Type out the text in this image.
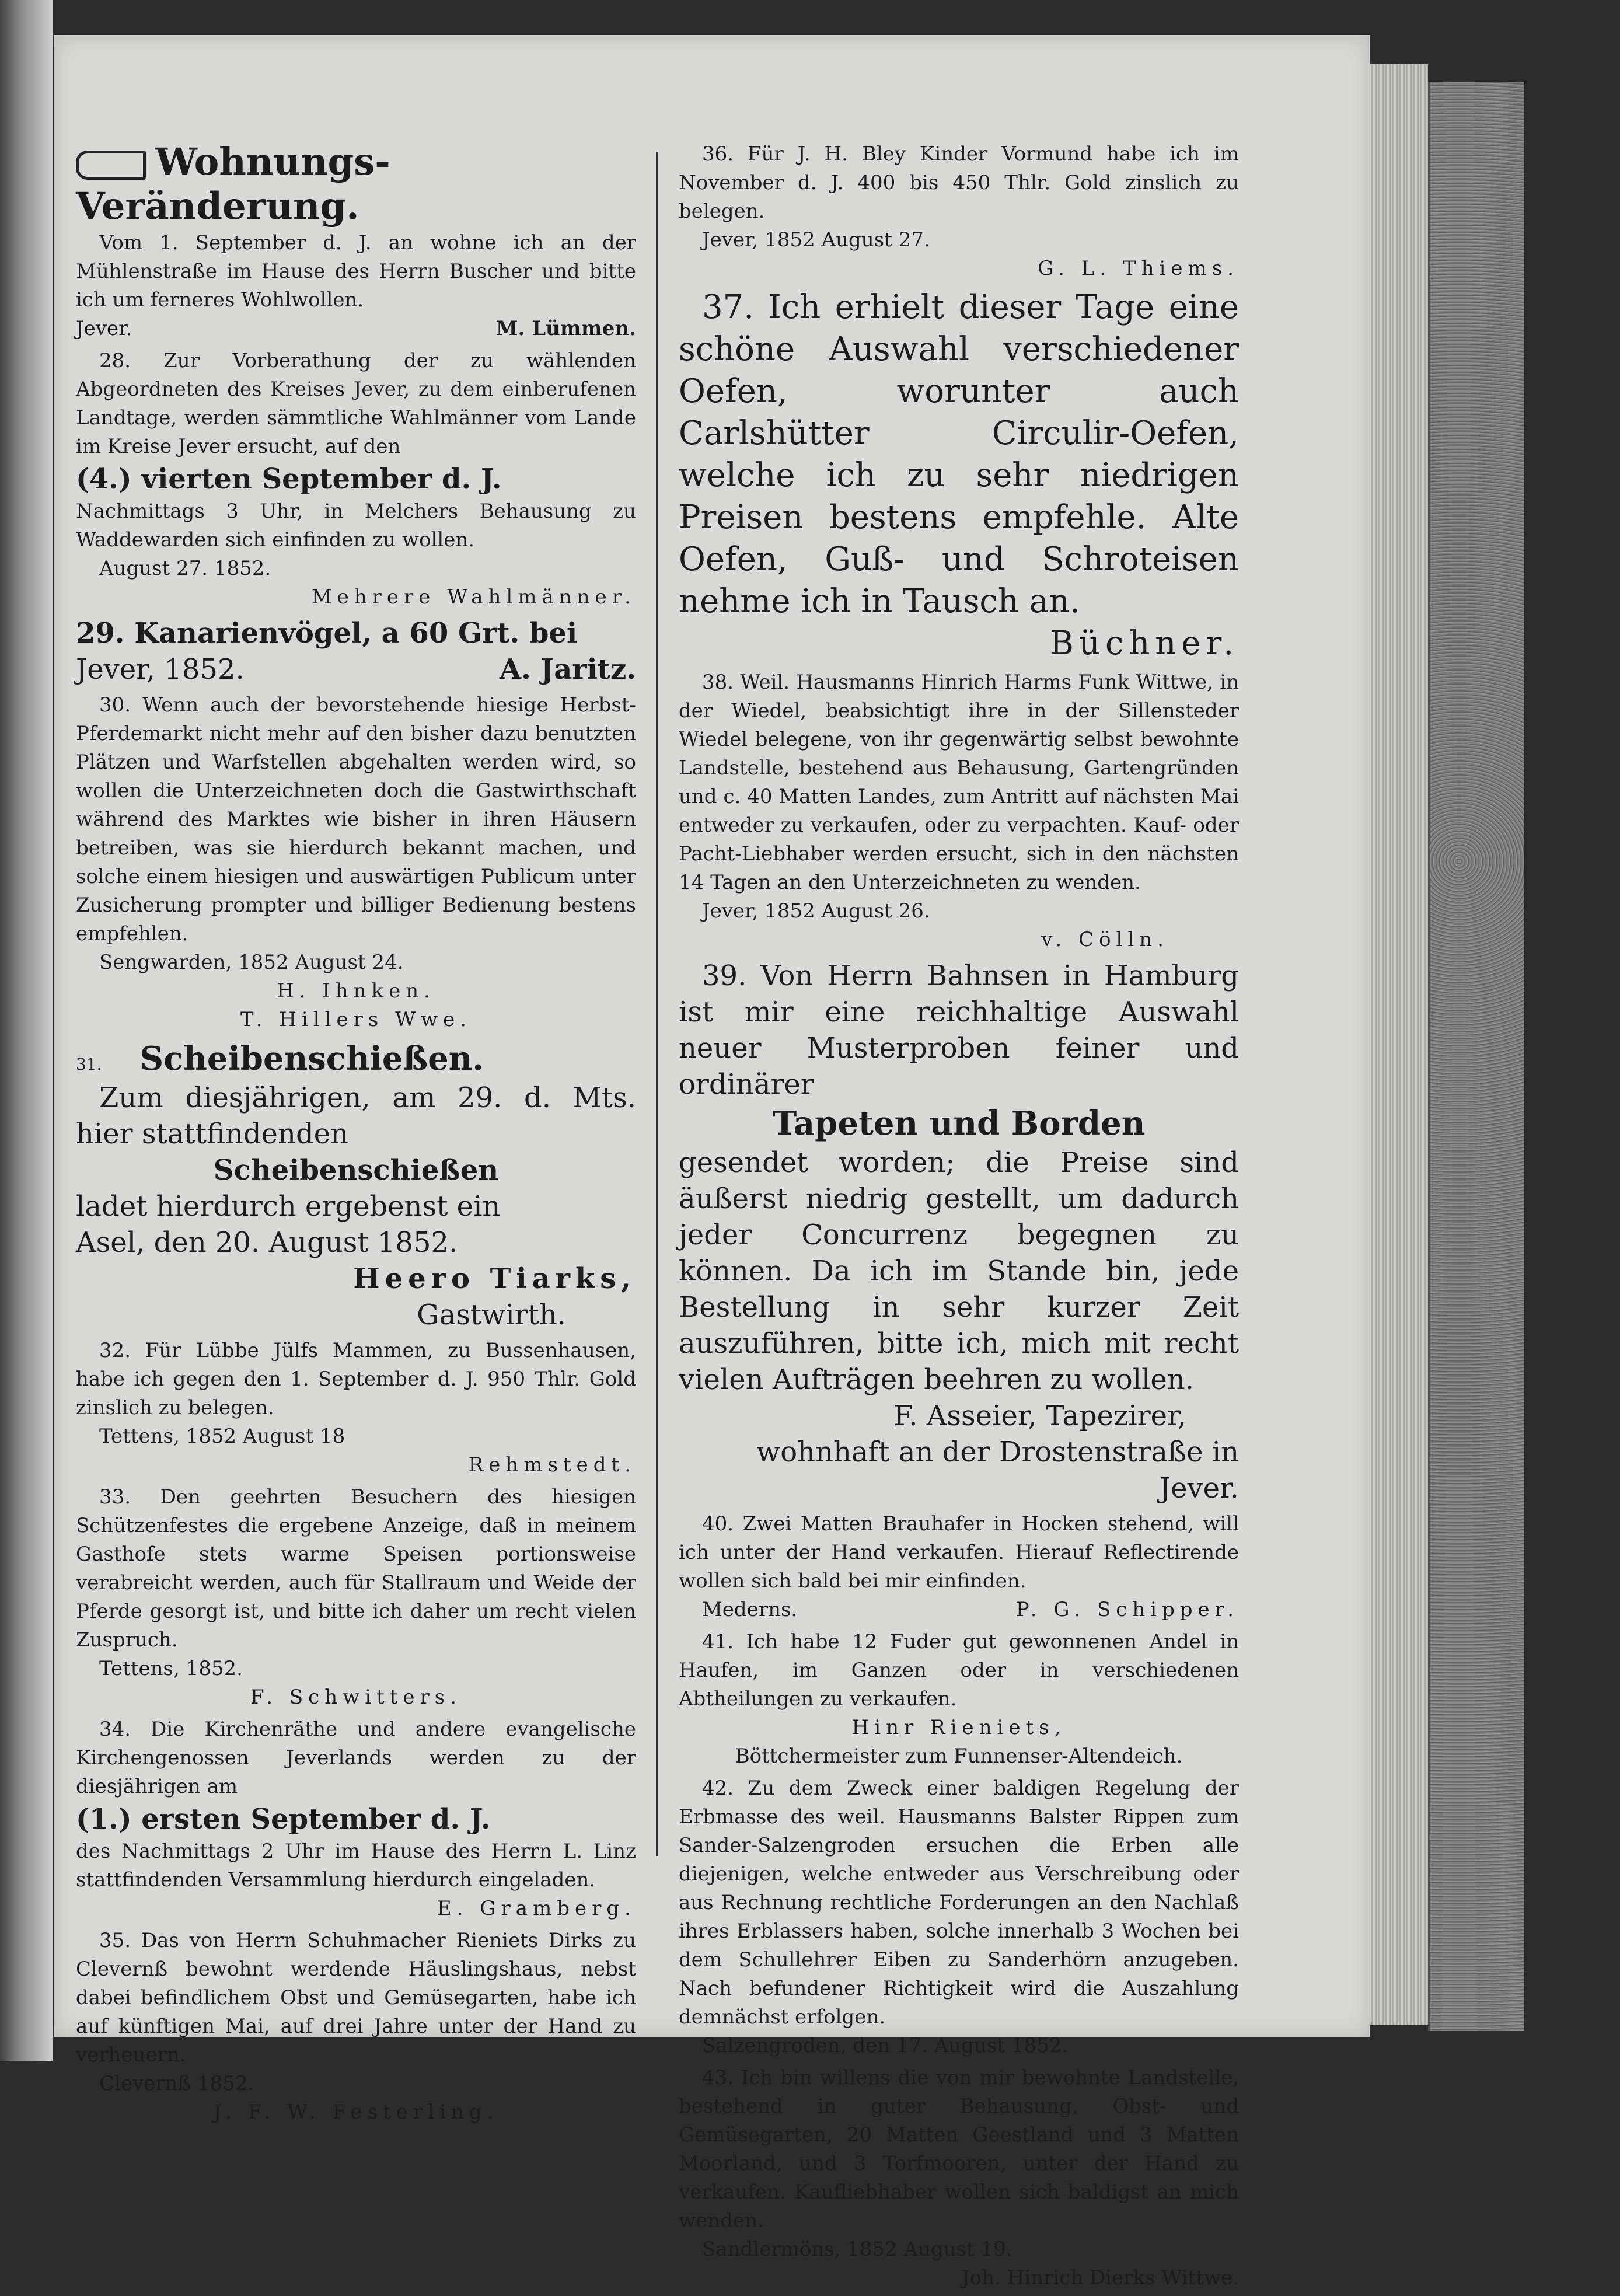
Wohnungs-Veränderung.

Vom 1. September d. J. an wohne ich an der Mühlenstraße im Hause des Herrn Buscher und bitte ich um ferneres Wohlwollen.

Jever.	M. Lümmen.

28. Zur Vorberathung der zu wählenden Abgeordneten des Kreises Jever, zu dem einberufenen Landtage, werden sämmtliche Wahlmänner vom Lande im Kreise Jever ersucht, auf den

(4.) vierten September d. J.

Nachmittags 3 Uhr, in Melchers Behausung zu Waddewarden sich einfinden zu wollen.

August 27. 1852.

Mehrere Wahlmänner.

29. Kanarienvögel, a 60 Grt. bei

Jever, 1852.	A. Jaritz.

30. Wenn auch der bevorstehende hiesige Herbst-Pferdemarkt nicht mehr auf den bisher dazu benutzten Plätzen und Warfstellen abgehalten werden wird, so wollen die Unterzeichneten doch die Gastwirthschaft während des Marktes wie bisher in ihren Häusern betreiben, was sie hierdurch bekannt machen, und solche einem hiesigen und auswärtigen Publicum unter Zusicherung prompter und billiger Bedienung bestens empfehlen.

Sengwarden, 1852 August 24.

H. Ihnken.

T. Hillers Wwe.

31. Scheibenschießen.

Zum diesjährigen, am 29. d. Mts. hier stattfindenden

Scheibenschießen

ladet hierdurch ergebenst ein

Asel, den 20. August 1852.

Heero Tiarks,

Gastwirth.

32. Für Lübbe Jülfs Mammen, zu Bussenhausen, habe ich gegen den 1. September d. J. 950 Thlr. Gold zinslich zu belegen.

Tettens, 1852 August 18

Rehmstedt.

33. Den geehrten Besuchern des hiesigen Schützenfestes die ergebene Anzeige, daß in meinem Gasthofe stets warme Speisen portionsweise verabreicht werden, auch für Stallraum und Weide der Pferde gesorgt ist, und bitte ich daher um recht vielen Zuspruch.

Tettens, 1852.

F. Schwitters.

34. Die Kirchenräthe und andere evangelische Kirchengenossen Jeverlands werden zu der diesjährigen am

(1.) ersten September d. J.

des Nachmittags 2 Uhr im Hause des Herrn L. Linz stattfindenden Versammlung hierdurch eingeladen.

E. Gramberg.

35. Das von Herrn Schuhmacher Rieniets Dirks zu Clevernß bewohnt werdende Häuslingshaus, nebst dabei befindlichem Obst und Gemüsegarten, habe ich auf künftigen Mai, auf drei Jahre unter der Hand zu verheuern.

Clevernß 1852.

J. F. W. Festerling.

36. Für J. H. Bley Kinder Vormund habe ich im November d. J. 400 bis 450 Thlr. Gold zinslich zu belegen.

Jever, 1852 August 27.

G. L. Thiems.

37. Ich erhielt dieser Tage eine schöne Auswahl verschiedener Oefen, worunter auch Carlshütter Circulir-Oefen, welche ich zu sehr niedrigen Preisen bestens empfehle. Alte Oefen, Guß- und Schroteisen nehme ich in Tausch an.

Büchner.

38. Weil. Hausmanns Hinrich Harms Funk Wittwe, in der Wiedel, beabsichtigt ihre in der Sillensteder Wiedel belegene, von ihr gegenwärtig selbst bewohnte Landstelle, bestehend aus Behausung, Gartengründen und c. 40 Matten Landes, zum Antritt auf nächsten Mai entweder zu verkaufen, oder zu verpachten. Kauf- oder Pacht-Liebhaber werden ersucht, sich in den nächsten 14 Tagen an den Unterzeichneten zu wenden.

Jever, 1852 August 26.

v. Cölln.

39. Von Herrn Bahnsen in Hamburg ist mir eine reichhaltige Auswahl neuer Musterproben feiner und ordinärer

Tapeten und Borden

gesendet worden; die Preise sind äußerst niedrig gestellt, um dadurch jeder Concurrenz begegnen zu können. Da ich im Stande bin, jede Bestellung in sehr kurzer Zeit auszuführen, bitte ich, mich mit recht vielen Aufträgen beehren zu wollen.

F. Asseier, Tapezirer,

wohnhaft an der Drostenstraße in Jever.

40. Zwei Matten Brauhafer in Hocken stehend, will ich unter der Hand verkaufen. Hierauf Reflectirende wollen sich bald bei mir einfinden.

Mederns.	P. G. Schipper.

41. Ich habe 12 Fuder gut gewonnenen Andel in Haufen, im Ganzen oder in verschiedenen Abtheilungen zu verkaufen.

Hinr Rieniets,

Böttchermeister zum Funnenser-Altendeich.

42. Zu dem Zweck einer baldigen Regelung der Erbmasse des weil. Hausmanns Balster Rippen zum Sander-Salzengroden ersuchen die Erben alle diejenigen, welche entweder aus Verschreibung oder aus Rechnung rechtliche Forderungen an den Nachlaß ihres Erblassers haben, solche innerhalb 3 Wochen bei dem Schullehrer Eiben zu Sanderhörn anzugeben. Nach befundener Richtigkeit wird die Auszahlung demnächst erfolgen.

Salzengroden, den 17. August 1852.

43. Ich bin willens die von mir bewohnte Landstelle, bestehend in guter Behausung, Obst- und Gemüsegarten, 20 Matten Geestland und 3 Matten Moorland, und 3 Torfmooren, unter der Hand zu verkaufen. Kaufliebhaber wollen sich baldigst an mich wenden.

Sandlermöns, 1852 August 19.

Joh. Hinrich Dierks Wittwe.
